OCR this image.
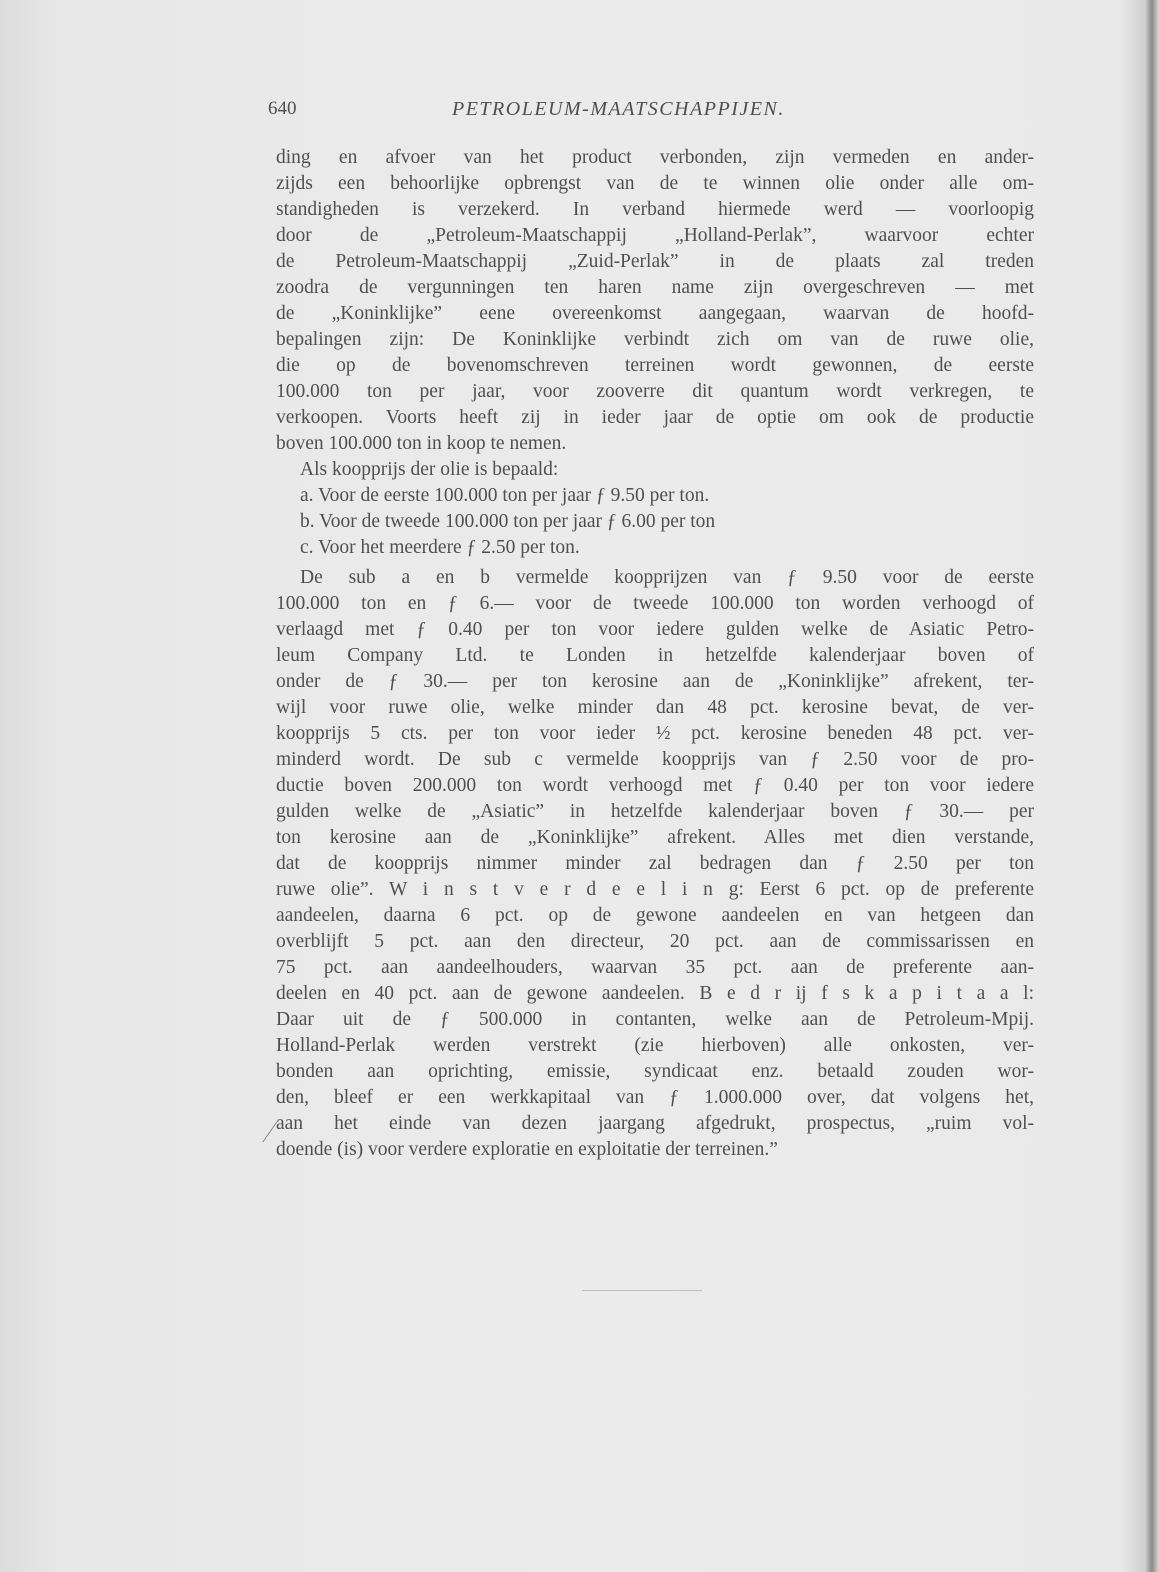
640	PETROLEUM-MAATSCHAPPIJEN.
ding en afvoer van het product verbonden, zijn vermeden en ander-
zijds een behoorlijke opbrengst van de te winnen olie onder alle om-
standigheden is verzekerd. In verband hiermede werd — voorloopig
door de „Petroleum-Maatschappij „Holland-Perlak”, waarvoor echter
de Petroleum-Maatschappij „Zuid-Perlak” in de plaats zal treden
zoodra de vergunningen ten haren name zijn overgeschreven — met
de „Koninklijke” eene overeenkomst aangegaan, waarvan de hoofd-
bepalingen zijn: De Koninklijke verbindt zich om van de ruwe olie,
die op de bovenomschreven terreinen wordt gewonnen, de eerste
100.000 ton per jaar, voor zooverre dit quantum wordt verkregen, te
verkoopen. Voorts heeft zij in ieder jaar de optie om ook de productie
boven 100.000 ton in koop te nemen.
Als koopprijs der olie is bepaald:
a. Voor de eerste 100.000 ton per jaar ƒ 9.50 per ton.
b. Voor de tweede 100.000 ton per jaar ƒ 6.00 per ton
c. Voor het meerdere ƒ 2.50 per ton.
De sub a en b vermelde koopprijzen van ƒ 9.50 voor de eerste
100.000 ton en ƒ 6.— voor de tweede 100.000 ton worden verhoogd of
verlaagd met ƒ 0.40 per ton voor iedere gulden welke de Asiatic Petro-
leum Company Ltd. te Londen in hetzelfde kalenderjaar boven of
onder de ƒ 30.— per ton kerosine aan de „Koninklijke” afrekent, ter-
wijl voor ruwe olie, welke minder dan 48 pct. kerosine bevat, de ver-
koopprijs 5 cts. per ton voor ieder ½ pct. kerosine beneden 48 pct. ver-
minderd wordt. De sub c vermelde koopprijs van ƒ 2.50 voor de pro-
ductie boven 200.000 ton wordt verhoogd met ƒ 0.40 per ton voor iedere
gulden welke de „Asiatic” in hetzelfde kalenderjaar boven ƒ 30.— per
ton kerosine aan de „Koninklijke” afrekent. Alles met dien verstande,
dat de koopprijs nimmer minder zal bedragen dan ƒ 2.50 per ton
ruwe olie”. W i n s t v e r d e e l i n g: Eerst 6 pct. op de preferente
aandeelen, daarna 6 pct. op de gewone aandeelen en van hetgeen dan
overblijft 5 pct. aan den directeur, 20 pct. aan de commissarissen en
75 pct. aan aandeelhouders, waarvan 35 pct. aan de preferente aan-
deelen en 40 pct. aan de gewone aandeelen. B e d r ij f s k a p i t a a l:
Daar uit de ƒ 500.000 in contanten, welke aan de Petroleum-Mpij.
Holland-Perlak werden verstrekt (zie hierboven) alle onkosten, ver-
bonden aan oprichting, emissie, syndicaat enz. betaald zouden wor-
den, bleef er een werkkapitaal van ƒ 1.000.000 over, dat volgens het,
aan het einde van dezen jaargang afgedrukt, prospectus, „ruim vol-
doende (is) voor verdere exploratie en exploitatie der terreinen.”
